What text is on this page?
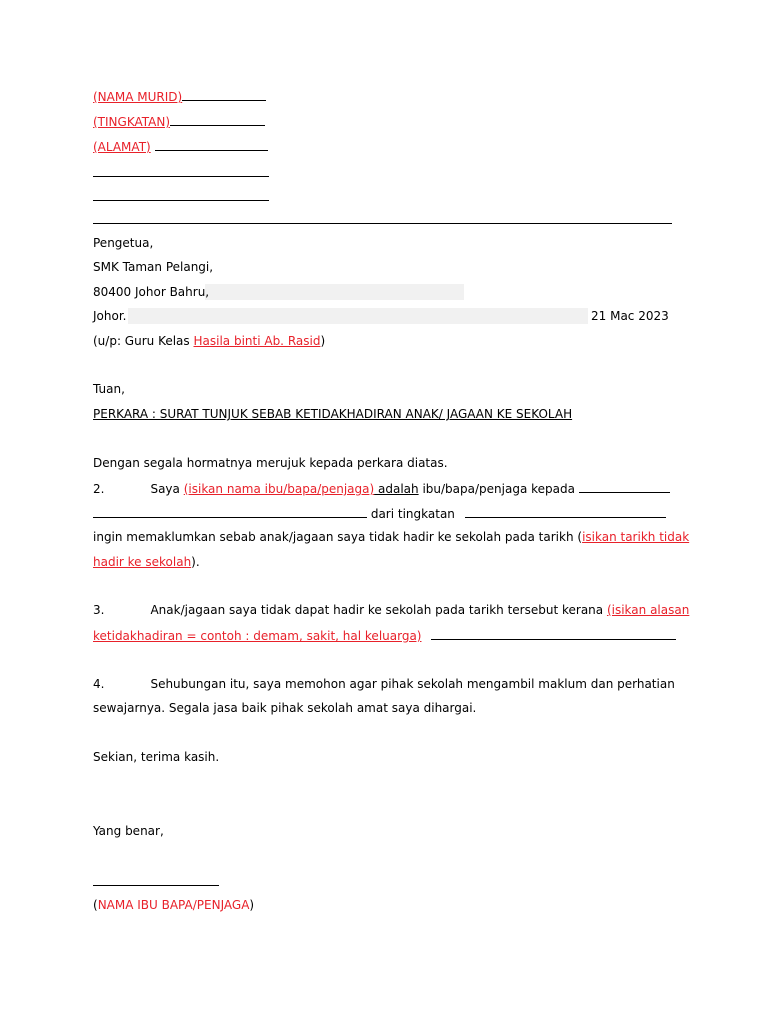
(NAMA MURID)
(TINGKATAN)
(ALAMAT)
Pengetua,
SMK Taman Pelangi,
80400 Johor Bahru,
Johor.	21 Mac 2023
(u/p: Guru Kelas Hasila binti Ab. Rasid)
Tuan,
PERKARA : SURAT TUNJUK SEBAB KETIDAKHADIRAN ANAK/ JAGAAN KE SEKOLAH
Dengan segala hormatnya merujuk kepada perkara diatas.
2.	Saya (isikan nama ibu/bapa/penjaga) adalah ibu/bapa/penjaga kepada
dari tingkatan
ingin memaklumkan sebab anak/jagaan saya tidak hadir ke sekolah pada tarikh (isikan tarikh tidak
hadir ke sekolah).
3.	Anak/jagaan saya tidak dapat hadir ke sekolah pada tarikh tersebut kerana (isikan alasan
ketidakhadiran = contoh : demam, sakit, hal keluarga)
4.	Sehubungan itu, saya memohon agar pihak sekolah mengambil maklum dan perhatian
sewajarnya. Segala jasa baik pihak sekolah amat saya dihargai.
Sekian, terima kasih.
Yang benar,
(NAMA IBU BAPA/PENJAGA)
